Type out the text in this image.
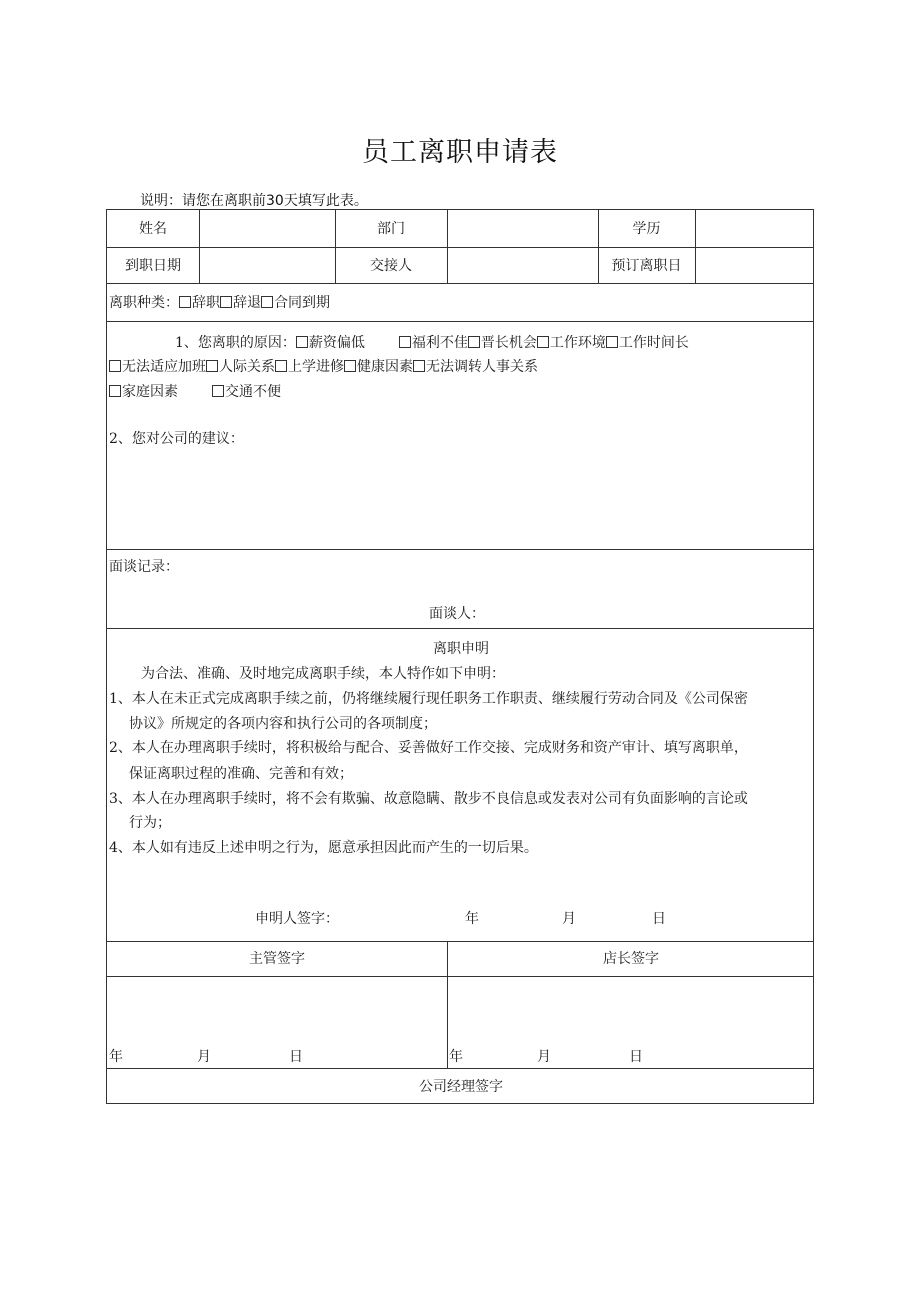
员工离职申请表
说明：请您在离职前30天填写此表。
姓名	部门	学历
到职日期	交接人	预订离职日
离职种类： 辞职 辞退 合同到期
1、您离职的原因： 薪资偏低	福利不佳 晋长机会 工作环境 工作时间长
无法适应加班 人际关系 上学进修 健康因素 无法调转人事关系
家庭因素	交通不便
2、您对公司的建议：
面谈记录：
面谈人：
离职申明
为合法、准确、及时地完成离职手续，本人特作如下申明：
1、本人在未正式完成离职手续之前，仍将继续履行现任职务工作职责、继续履行劳动合同及《公司保密
协议》所规定的各项内容和执行公司的各项制度；
2、本人在办理离职手续时，将积极给与配合、妥善做好工作交接、完成财务和资产审计、填写离职单，
保证离职过程的准确、完善和有效；
3、本人在办理离职手续时，将不会有欺骗、故意隐瞒、散步不良信息或发表对公司有负面影响的言论或
行为；
4、本人如有违反上述申明之行为，愿意承担因此而产生的一切后果。
申明人签字：	年	月	日
主管签字	店长签字
年	月	日	年	月	日
公司经理签字
